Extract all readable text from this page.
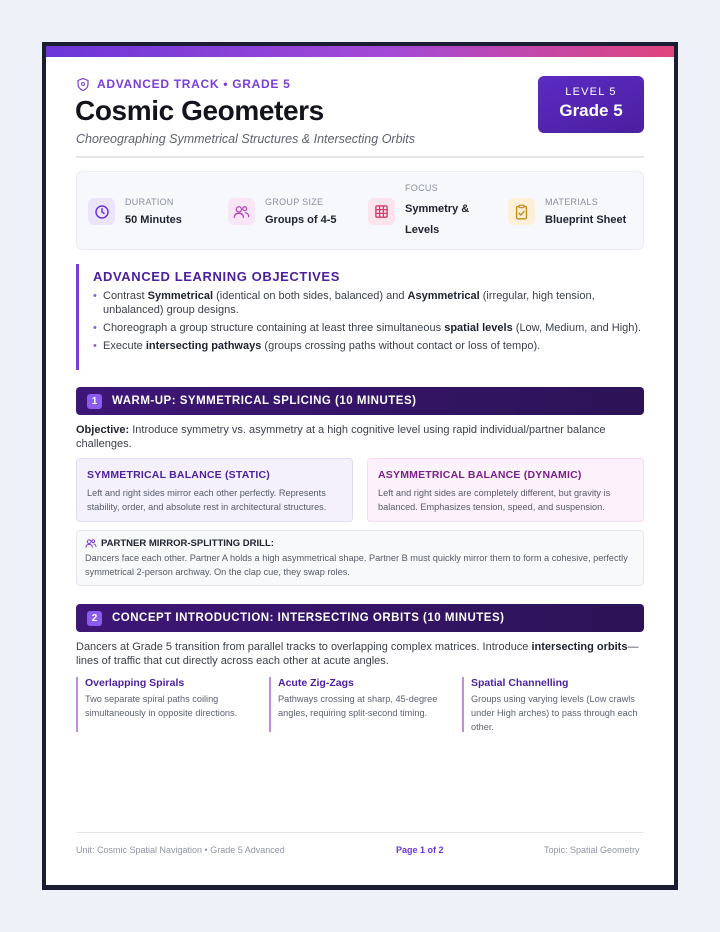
ADVANCED TRACK • GRADE 5
Cosmic Geometers
Choreographing Symmetrical Structures & Intersecting Orbits
LEVEL 5
Grade 5
DURATION
50 Minutes
GROUP SIZE
Groups of 4-5
FOCUS
Symmetry &
Levels
MATERIALS
Blueprint Sheet
ADVANCED LEARNING OBJECTIVES
• Contrast Symmetrical (identical on both sides, balanced) and Asymmetrical (irregular, high tension, unbalanced) group designs.
• Choreograph a group structure containing at least three simultaneous spatial levels (Low, Medium, and High).
• Execute intersecting pathways (groups crossing paths without contact or loss of tempo).
1	WARM-UP: SYMMETRICAL SPLICING (10 MINUTES)
Objective: Introduce symmetry vs. asymmetry at a high cognitive level using rapid individual/partner balance challenges.
SYMMETRICAL BALANCE (STATIC)

Left and right sides mirror each other perfectly. Represents stability, order, and absolute rest in architectural structures.

ASYMMETRICAL BALANCE (DYNAMIC)

Left and right sides are completely different, but gravity is balanced. Emphasizes tension, speed, and suspension.

PARTNER MIRROR-SPLITTING DRILL:

Dancers face each other. Partner A holds a high asymmetrical shape. Partner B must quickly mirror them to form a cohesive, perfectly symmetrical 2-person archway. On the clap cue, they swap roles.

2	CONCEPT INTRODUCTION: INTERSECTING ORBITS (10 MINUTES)
Dancers at Grade 5 transition from parallel tracks to overlapping complex matrices. Introduce intersecting orbits—lines of traffic that cut directly across each other at acute angles.
Overlapping Spirals

Two separate spiral paths coiling simultaneously in opposite directions.

Acute Zig-Zags

Pathways crossing at sharp, 45-degree angles, requiring split-second timing.

Spatial Channelling

Groups using varying levels (Low crawls under High arches) to pass through each other.

Unit: Cosmic Spatial Navigation • Grade 5 Advanced	Page 1 of 2	Topic: Spatial Geometry
